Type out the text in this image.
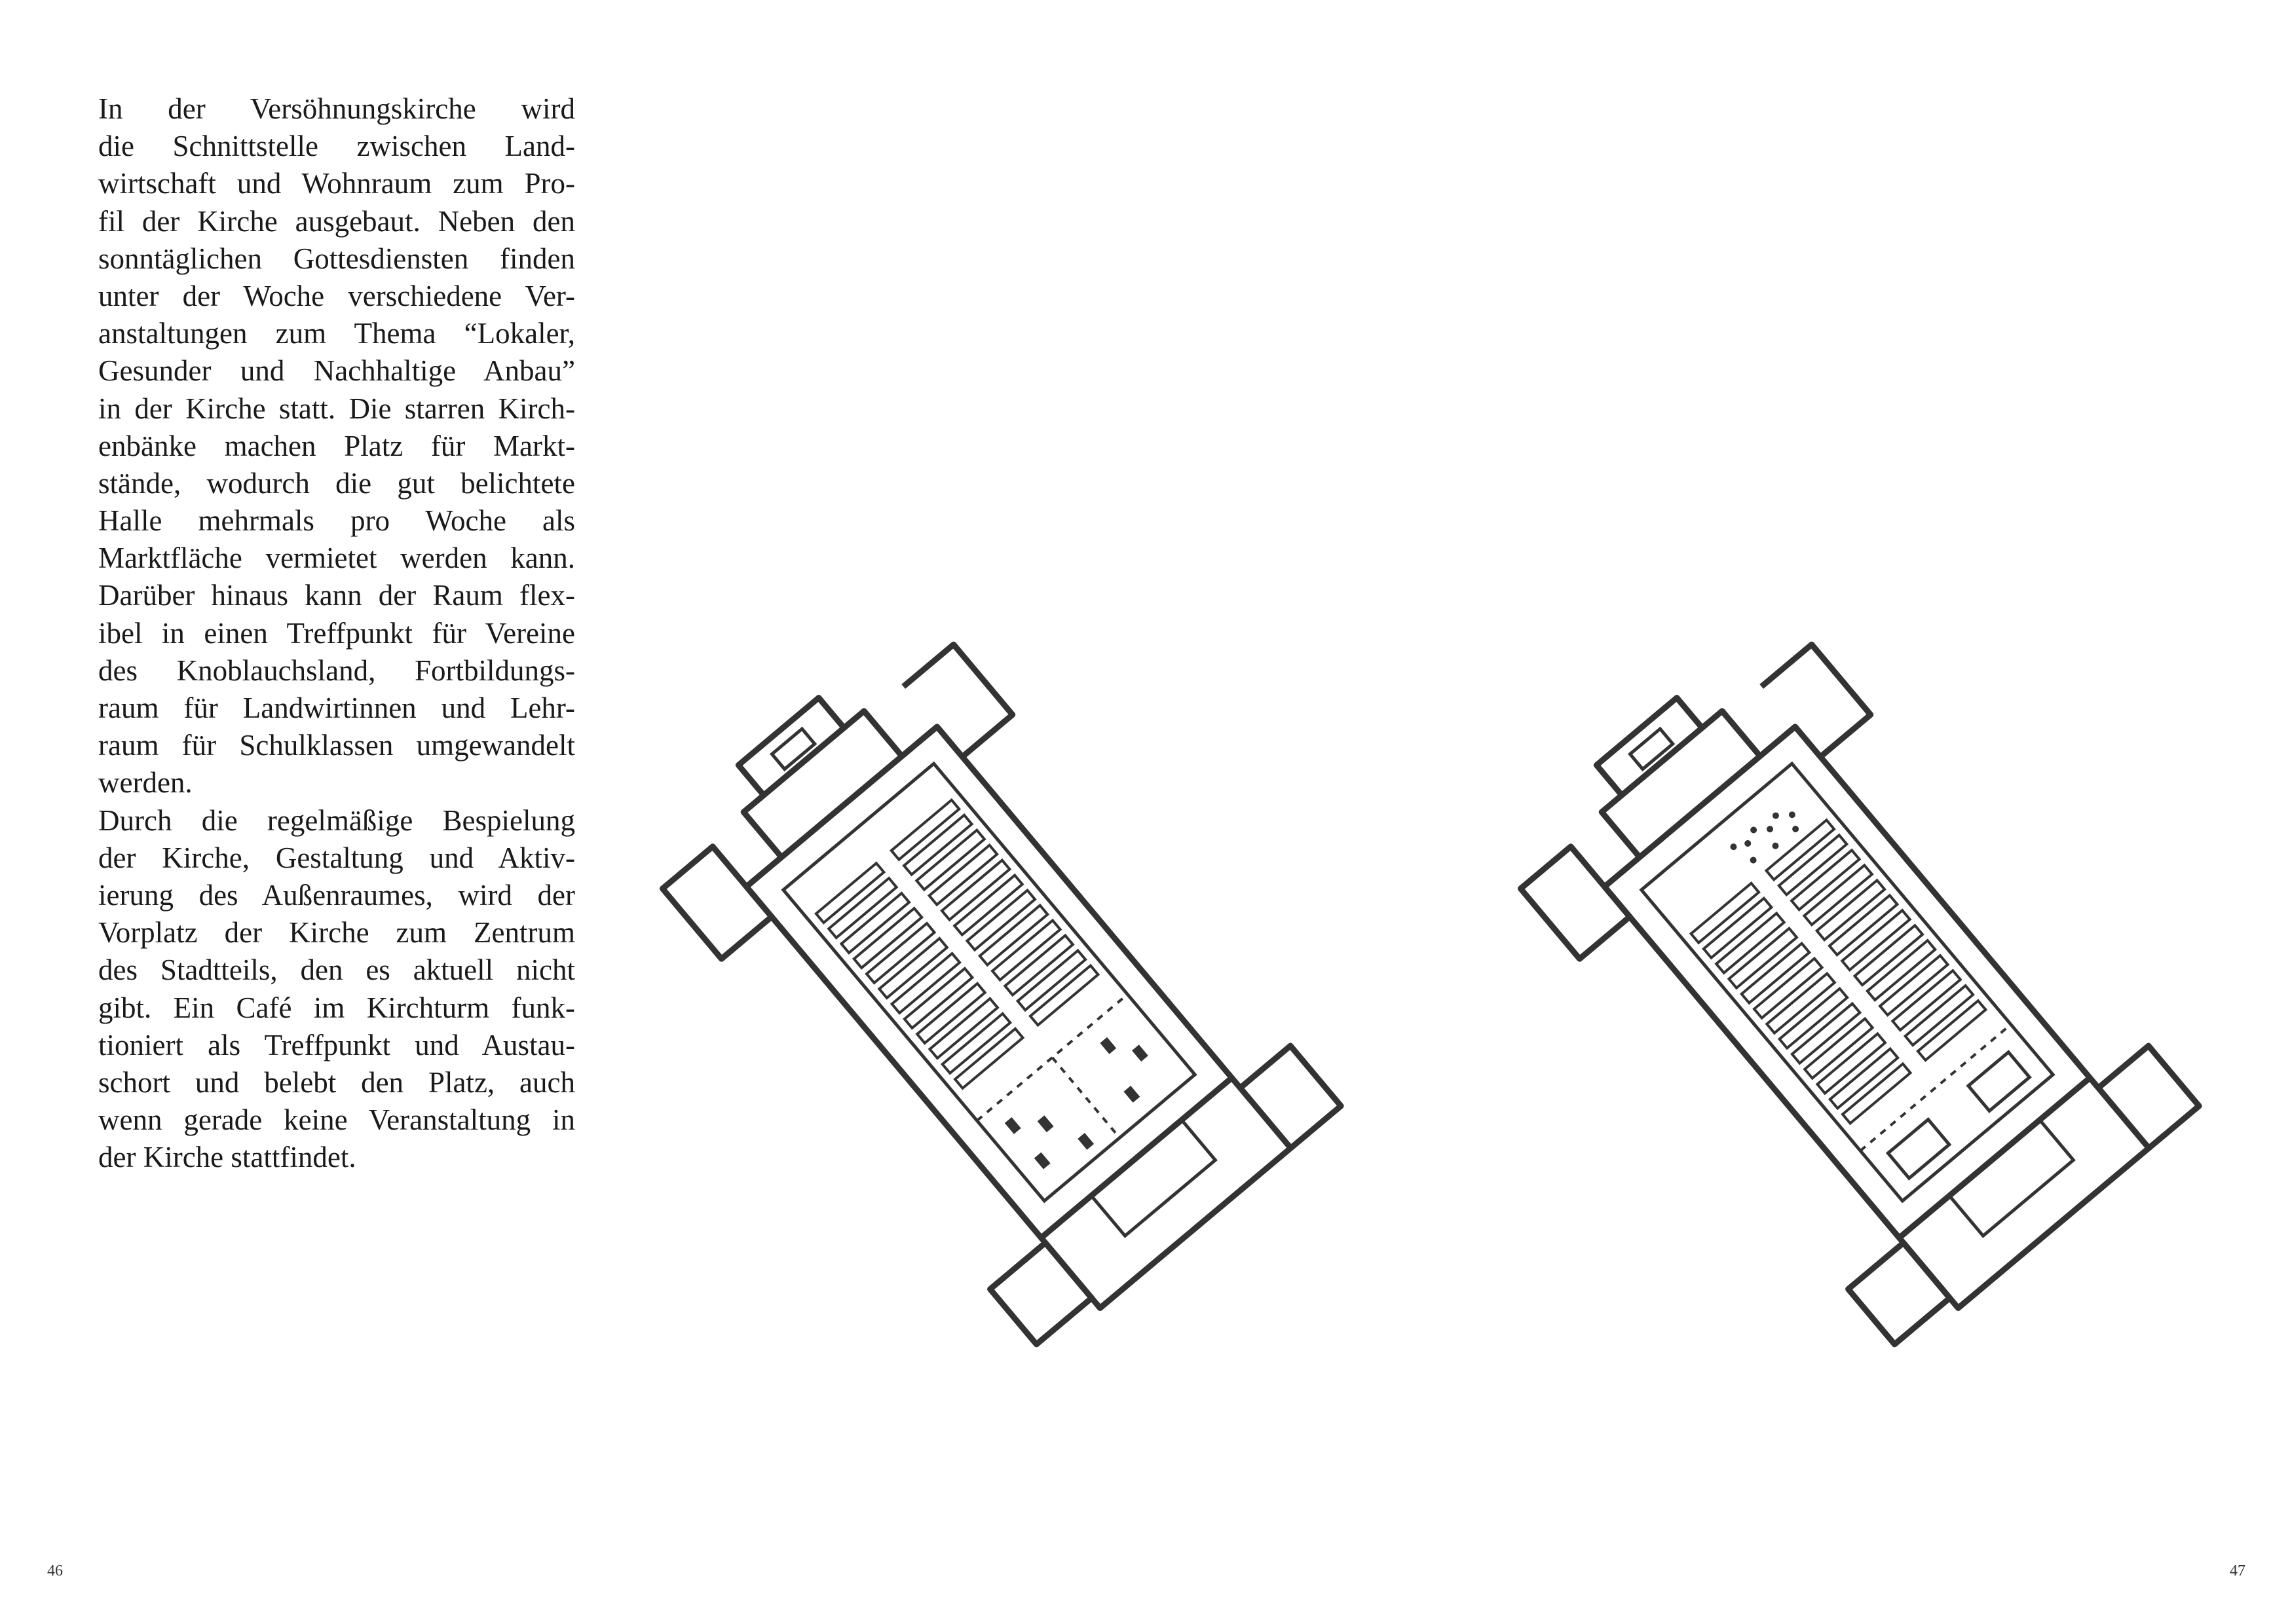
In der Versöhnungskirche wird
die Schnittstelle zwischen Land-
wirtschaft und Wohnraum zum Pro-
fil der Kirche ausgebaut. Neben den
sonntäglichen Gottesdiensten finden
unter der Woche verschiedene Ver-
anstaltungen zum Thema “Lokaler,
Gesunder und Nachhaltige Anbau”
in der Kirche statt. Die starren Kirch-
enbänke machen Platz für Markt-
stände, wodurch die gut belichtete
Halle mehrmals pro Woche als
Marktfläche vermietet werden kann.
Darüber hinaus kann der Raum flex-
ibel in einen Treffpunkt für Vereine
des Knoblauchsland, Fortbildungs-
raum für Landwirtinnen und Lehr-
raum für Schulklassen umgewandelt
werden.
Durch die regelmäßige Bespielung
der Kirche, Gestaltung und Aktiv-
ierung des Außenraumes, wird der
Vorplatz der Kirche zum Zentrum
des Stadtteils, den es aktuell nicht
gibt. Ein Café im Kirchturm funk-
tioniert als Treffpunkt und Austau-
schort und belebt den Platz, auch
wenn gerade keine Veranstaltung in
der Kirche stattfindet.
46	47
